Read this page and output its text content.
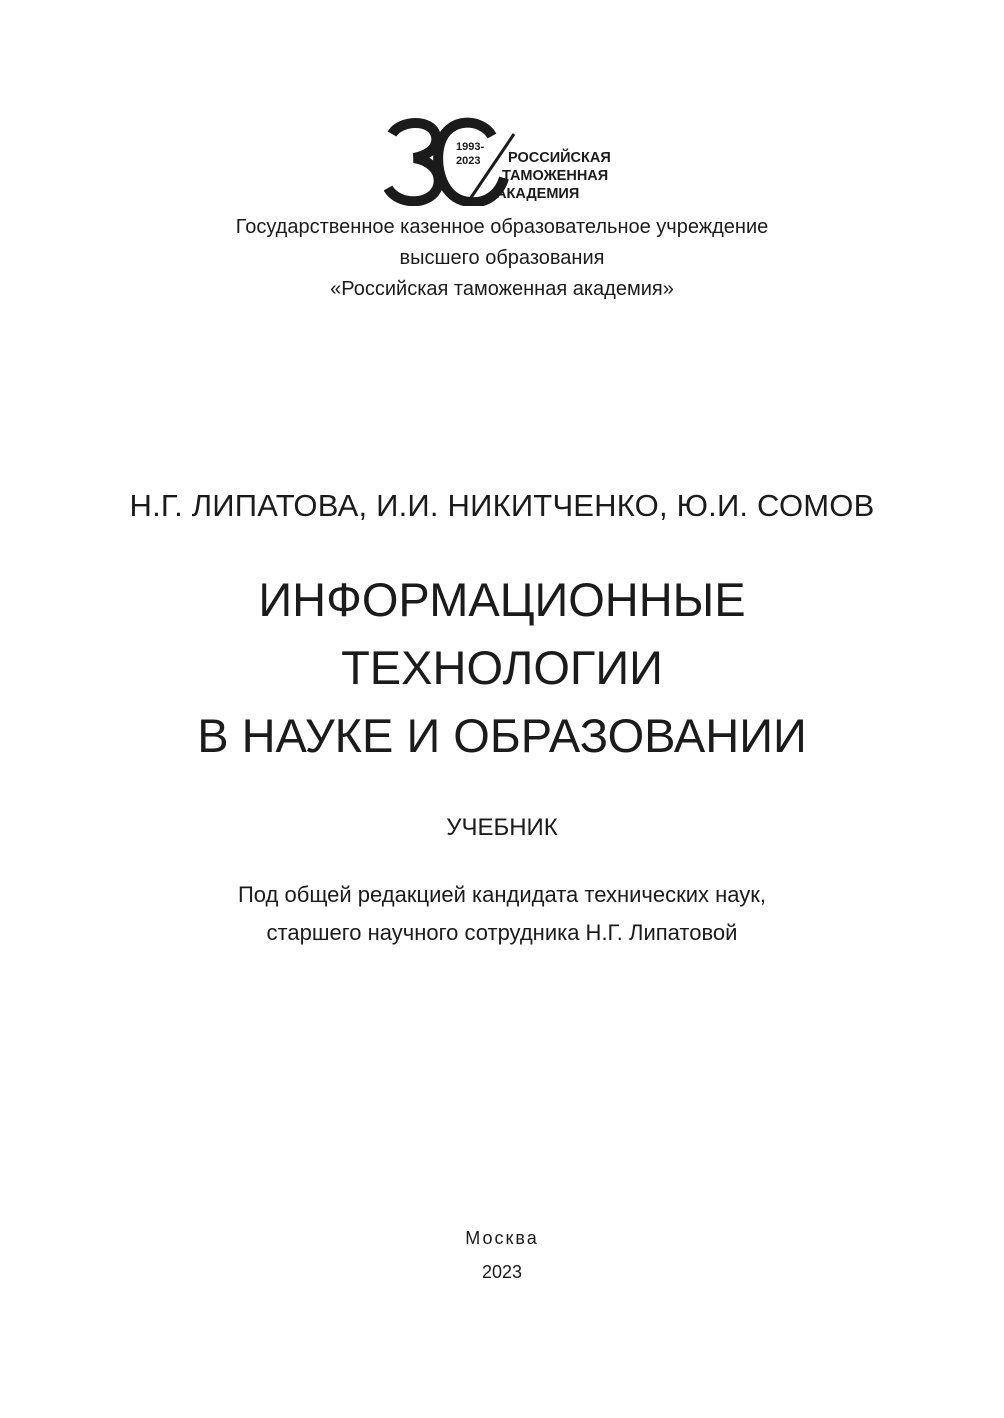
1993-
2023 РОССИЙСКАЯ
ТАМОЖЕННАЯ
АКАДЕМИЯ
Государственное казенное образовательное учреждение
высшего образования
«Российская таможенная академия»
Н.Г. ЛИПАТОВА, И.И. НИКИТЧЕНКО, Ю.И. СОМОВ
ИНФОРМАЦИОННЫЕ
ТЕХНОЛОГИИ
В НАУКЕ И ОБРАЗОВАНИИ
УЧЕБНИК
Под общей редакцией кандидата технических наук,
старшего научного сотрудника Н.Г. Липатовой
Москва
2023
